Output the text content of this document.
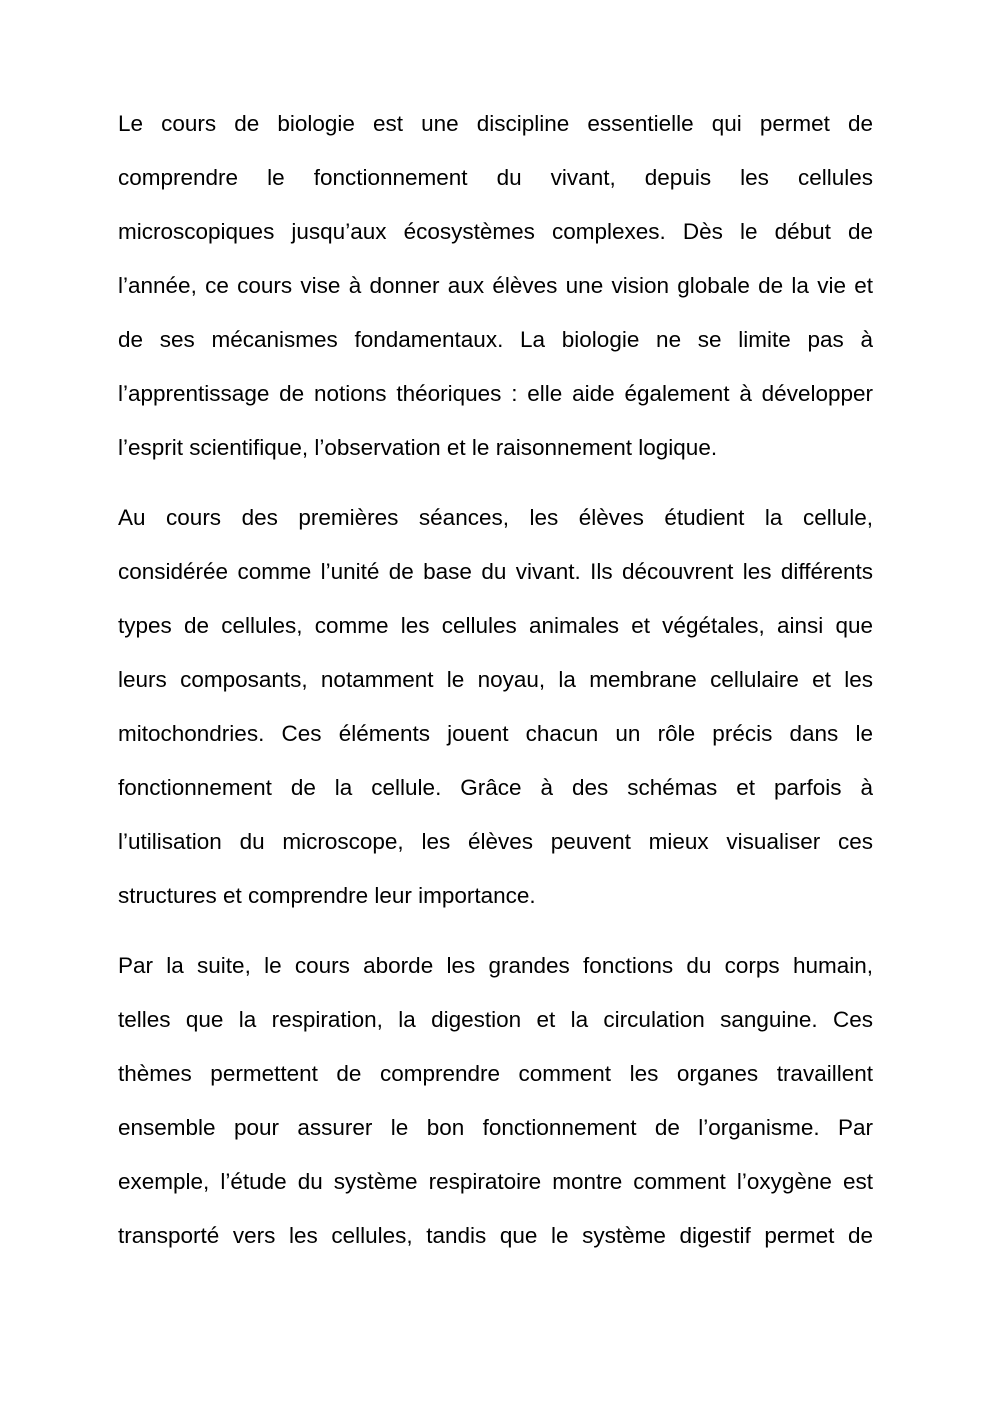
Le cours de biologie est une discipline essentielle qui permet de
comprendre le fonctionnement du vivant, depuis les cellules
microscopiques jusqu’aux écosystèmes complexes. Dès le début de
l’année, ce cours vise à donner aux élèves une vision globale de la vie et
de ses mécanismes fondamentaux. La biologie ne se limite pas à
l’apprentissage de notions théoriques : elle aide également à développer
l’esprit scientifique, l’observation et le raisonnement logique.
Au cours des premières séances, les élèves étudient la cellule,
considérée comme l’unité de base du vivant. Ils découvrent les différents
types de cellules, comme les cellules animales et végétales, ainsi que
leurs composants, notamment le noyau, la membrane cellulaire et les
mitochondries. Ces éléments jouent chacun un rôle précis dans le
fonctionnement de la cellule. Grâce à des schémas et parfois à
l’utilisation du microscope, les élèves peuvent mieux visualiser ces
structures et comprendre leur importance.
Par la suite, le cours aborde les grandes fonctions du corps humain,
telles que la respiration, la digestion et la circulation sanguine. Ces
thèmes permettent de comprendre comment les organes travaillent
ensemble pour assurer le bon fonctionnement de l’organisme. Par
exemple, l’étude du système respiratoire montre comment l’oxygène est
transporté vers les cellules, tandis que le système digestif permet de
